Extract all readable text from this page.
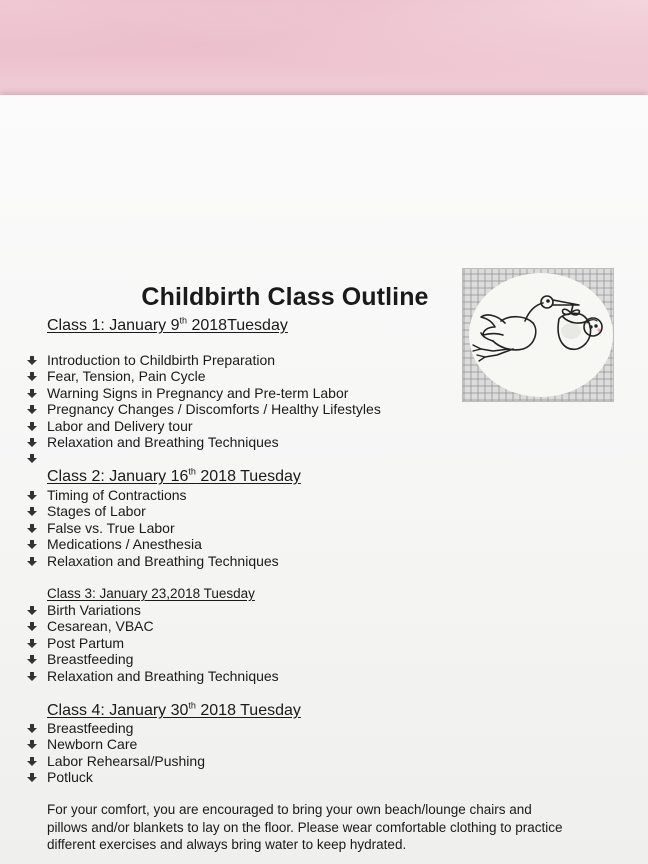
Childbirth Class Outline
Class 1: January 9th 2018Tuesday
Introduction to Childbirth Preparation
Fear, Tension, Pain Cycle
Warning Signs in Pregnancy and Pre-term Labor
Pregnancy Changes / Discomforts / Healthy Lifestyles
Labor and Delivery tour
Relaxation and Breathing Techniques
Class 2: January 16th 2018 Tuesday
Timing of Contractions
Stages of Labor
False vs. True Labor
Medications / Anesthesia
Relaxation and Breathing Techniques
Class 3: January 23,2018 Tuesday
Birth Variations
Cesarean, VBAC
Post Partum
Breastfeeding
Relaxation and Breathing Techniques
Class 4: January 30th 2018 Tuesday
Breastfeeding
Newborn Care
Labor Rehearsal/Pushing
Potluck
For your comfort, you are encouraged to bring your own beach/lounge chairs and
pillows and/or blankets to lay on the floor. Please wear comfortable clothing to practice
different exercises and always bring water to keep hydrated.
